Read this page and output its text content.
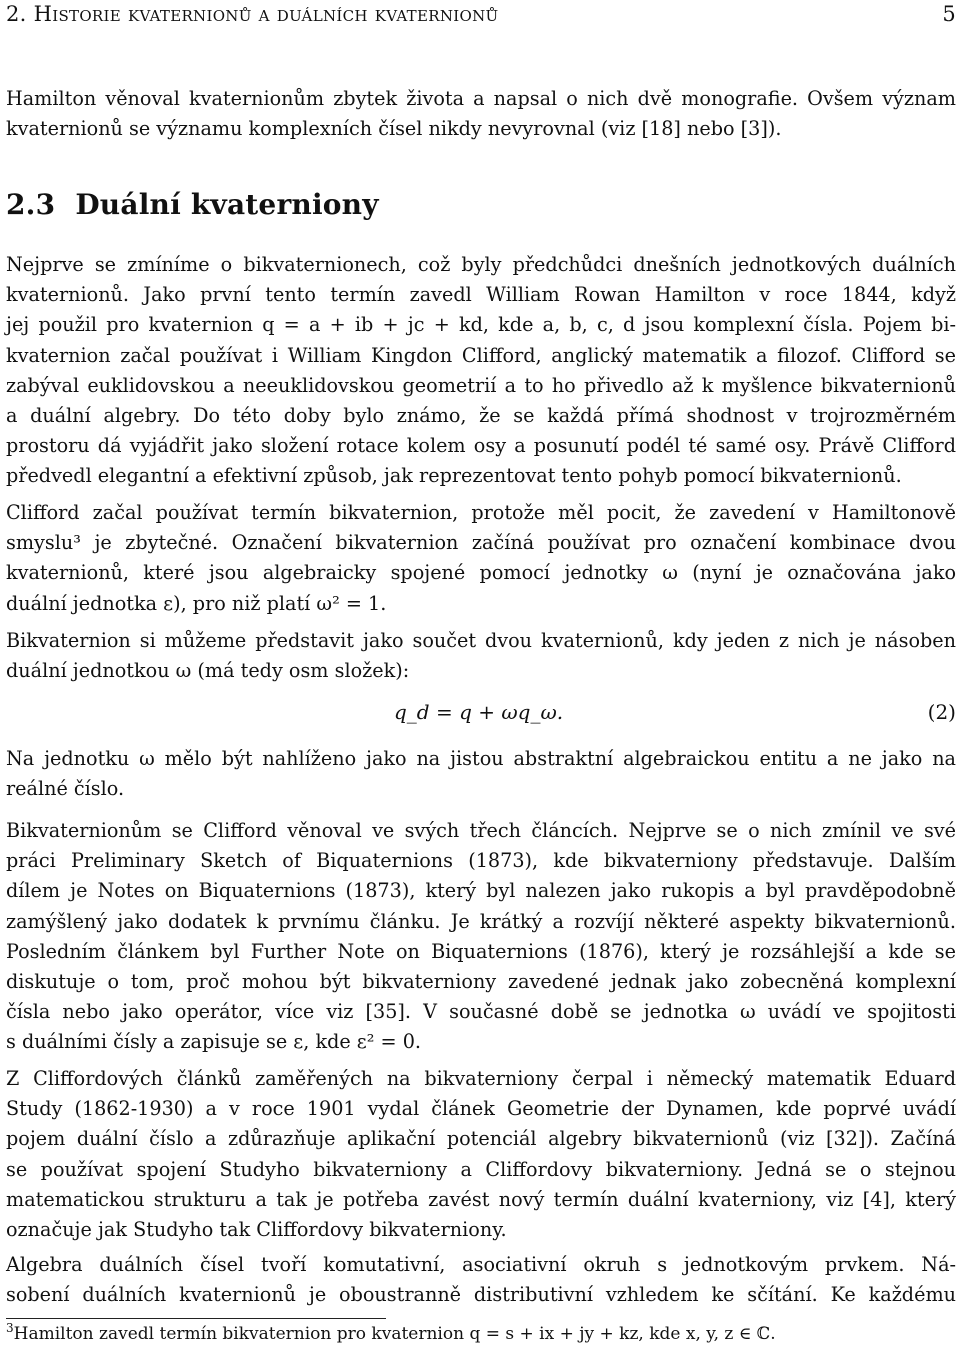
2. Historie kvaternionů a duálních kvaternionů	5
Hamilton věnoval kvaternionům zbytek života a napsal o nich dvě monografie. Ovšem význam
kvaternionů se významu komplexních čísel nikdy nevyrovnal (viz [18] nebo [3]).
2.3 Duální kvaterniony
Nejprve se zmíníme o bikvaternionech, což byly předchůdci dnešních jednotkových duálních
kvaternionů. Jako první tento termín zavedl William Rowan Hamilton v roce 1844, když
jej použil pro kvaternion q = a + ib + jc + kd, kde a, b, c, d jsou komplexní čísla. Pojem bi-
kvaternion začal používat i William Kingdon Clifford, anglický matematik a filozof. Clifford se
zabýval euklidovskou a neeuklidovskou geometrií a to ho přivedlo až k myšlence bikvaternionů
a duální algebry. Do této doby bylo známo, že se každá přímá shodnost v trojrozměrném
prostoru dá vyjádřit jako složení rotace kolem osy a posunutí podél té samé osy. Právě Clifford
předvedl elegantní a efektivní způsob, jak reprezentovat tento pohyb pomocí bikvaternionů.
Clifford začal používat termín bikvaternion, protože měl pocit, že zavedení v Hamiltonově
smyslu³ je zbytečné. Označení bikvaternion začíná používat pro označení kombinace dvou
kvaternionů, které jsou algebraicky spojené pomocí jednotky ω (nyní je označována jako
duální jednotka ε), pro niž platí ω² = 1.
Bikvaternion si můžeme představit jako součet dvou kvaternionů, kdy jeden z nich je násoben
duální jednotkou ω (má tedy osm složek):
q_d = q + ωq_ω.	(2)
Na jednotku ω mělo být nahlíženo jako na jistou abstraktní algebraickou entitu a ne jako na
reálné číslo.
Bikvaternionům se Clifford věnoval ve svých třech článcích. Nejprve se o nich zmínil ve své
práci Preliminary Sketch of Biquaternions (1873), kde bikvaterniony představuje. Dalším
dílem je Notes on Biquaternions (1873), který byl nalezen jako rukopis a byl pravděpodobně
zamýšlený jako dodatek k prvnímu článku. Je krátký a rozvíjí některé aspekty bikvaternionů.
Posledním článkem byl Further Note on Biquaternions (1876), který je rozsáhlejší a kde se
diskutuje o tom, proč mohou být bikvaterniony zavedené jednak jako zobecněná komplexní
čísla nebo jako operátor, více viz [35]. V současné době se jednotka ω uvádí ve spojitosti
s duálními čísly a zapisuje se ε, kde ε² = 0.
Z Cliffordových článků zaměřených na bikvaterniony čerpal i německý matematik Eduard
Study (1862-1930) a v roce 1901 vydal článek Geometrie der Dynamen, kde poprvé uvádí
pojem duální číslo a zdůrazňuje aplikační potenciál algebry bikvaternionů (viz [32]). Začíná
se používat spojení Studyho bikvaterniony a Cliffordovy bikvaterniony. Jedná se o stejnou
matematickou strukturu a tak je potřeba zavést nový termín duální kvaterniony, viz [4], který
označuje jak Studyho tak Cliffordovy bikvaterniony.
Algebra duálních čísel tvoří komutativní, asociativní okruh s jednotkovým prvkem. Ná-
sobení duálních kvaternionů je oboustranně distributivní vzhledem ke sčítání. Ke každému
$^3$Hamilton zavedl termín bikvaternion pro kvaternion q = s + ix + jy + kz, kde x, y, z ∈ ℂ.
